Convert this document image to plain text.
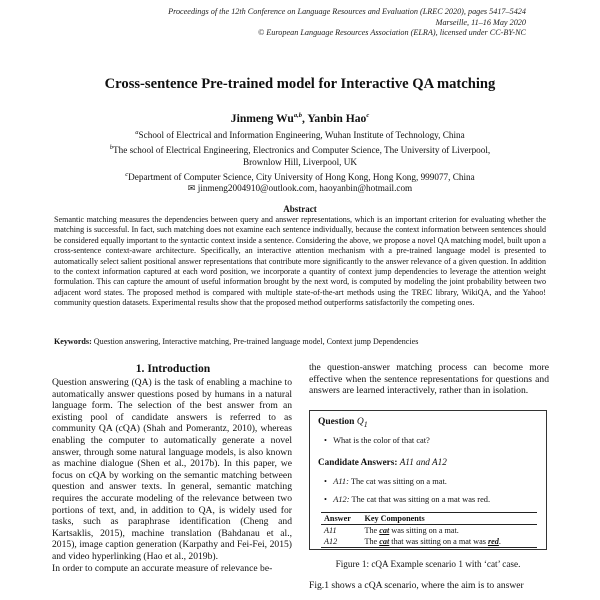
Proceedings of the 12th Conference on Language Resources and Evaluation (LREC 2020), pages 5417–5424
Marseille, 11–16 May 2020
© European Language Resources Association (ELRA), licensed under CC-BY-NC
Cross-sentence Pre-trained model for Interactive QA matching
Jinmeng Wu$^{a,b}$, Yanbin Hao$^c$
$^a$School of Electrical and Information Engineering, Wuhan Institute of Technology, China
$^b$The school of Electrical Engineering, Electronics and Computer Science, The University of Liverpool,
Brownlow Hill, Liverpool, UK
$^c$Department of Computer Science, City University of Hong Kong, Hong Kong, 999077, China
✉ jinmeng2004910@outlook.com, haoyanbin@hotmail.com
Abstract
Semantic matching measures the dependencies between query and answer representations, which is an important criterion for evaluating whether the matching is successful. In fact, such matching does not examine each sentence individually, because the context information between sentences should be considered equally important to the syntactic context inside a sentence. Considering the above, we propose a novel QA matching model, built upon a cross-sentence context-aware architecture. Specifically, an interactive attention mechanism with a pre-trained language model is presented to automatically select salient positional answer representations that contribute more significantly to the answer relevance of a given question. In addition to the context information captured at each word position, we incorporate a quantity of context jump dependencies to leverage the attention weight formulation. This can capture the amount of useful information brought by the next word, is computed by modeling the joint probability between two adjacent word states. The proposed method is compared with multiple state-of-the-art methods using the TREC library, WikiQA, and the Yahoo! community question datasets. Experimental results show that the proposed method outperforms satisfactorily the competing ones.
Keywords: Question answering, Interactive matching, Pre-trained language model, Context jump Dependencies
1. Introduction
Question answering (QA) is the task of enabling a machine to automatically answer questions posed by humans in a natural language form. The selection of the best answer from an existing pool of candidate answers is referred to as community QA (cQA) (Shah and Pomerantz, 2010), whereas enabling the computer to automatically generate a novel answer, through some natural language models, is also known as machine dialogue (Shen et al., 2017b). In this paper, we focus on cQA by working on the semantic matching between question and answer texts. In general, semantic matching requires the accurate modeling of the relevance between two portions of text, and, in addition to QA, is widely used for tasks, such as paraphrase identification (Cheng and Kartsaklis, 2015), machine translation (Bahdanau et al., 2015), image caption generation (Karpathy and Fei-Fei, 2015) and video hyperlinking (Hao et al., 2019b).
In order to compute an accurate measure of relevance be-
the question-answer matching process can become more effective when the sentence representations for questions and answers are learned interactively, rather than in isolation.
Question $Q_1$
• What is the color of that cat?
Candidate Answers: A11 and A12
• A11: The cat was sitting on a mat.
• A12: The cat that was sitting on a mat was red.
Answer	Key Components
A11	The cat was sitting on a mat.
A12	The cat that was sitting on a mat was red.
Figure 1: cQA Example scenario 1 with ‘cat’ case.
Fig.1 shows a cQA scenario, where the aim is to answer
